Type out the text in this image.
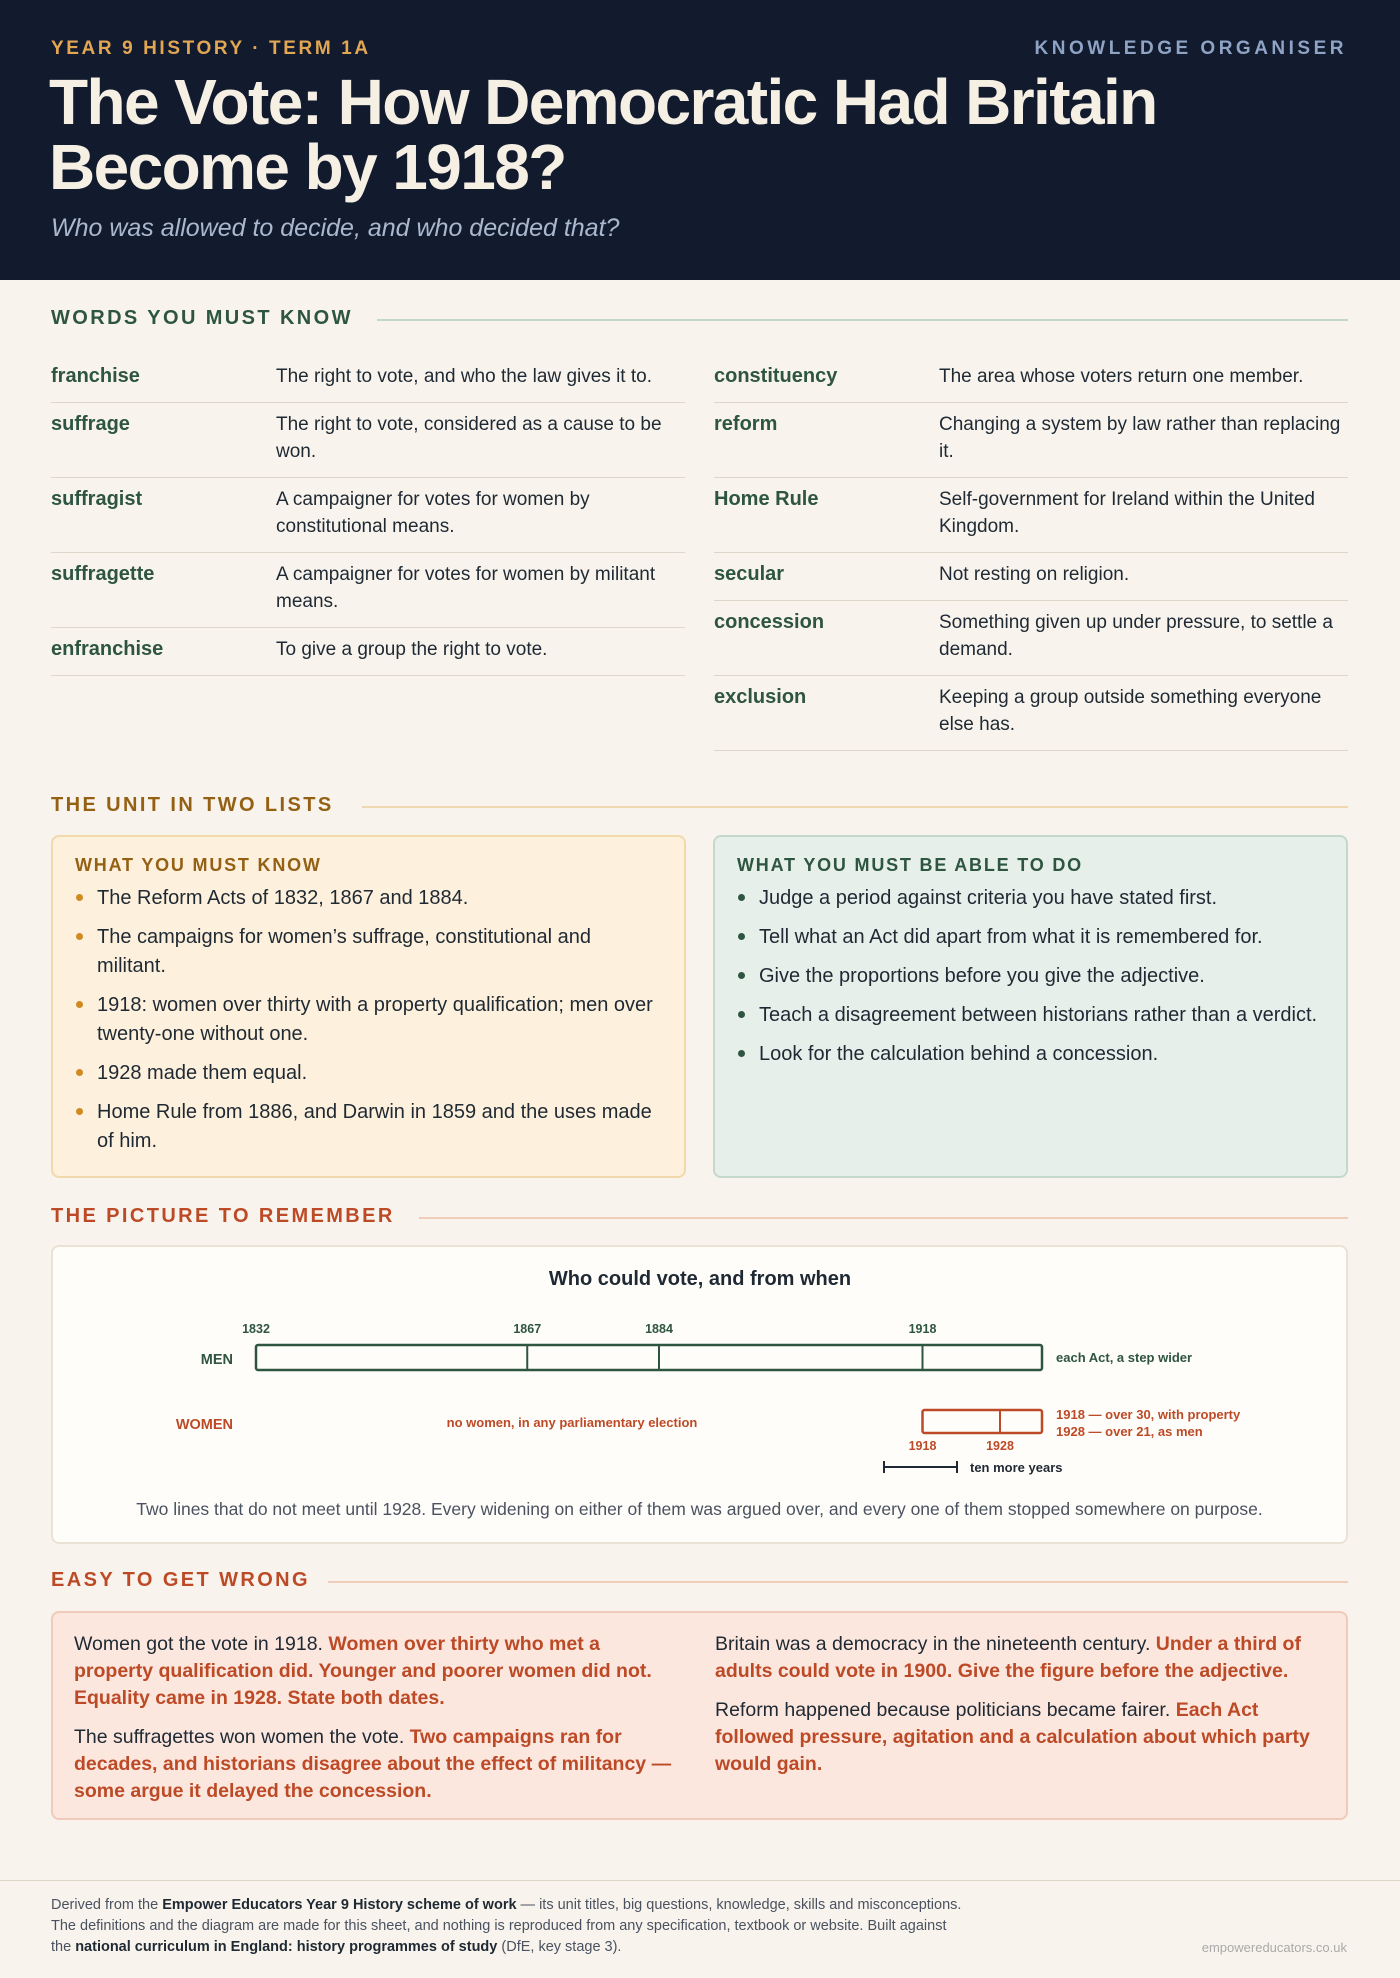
YEAR 9 HISTORY · TERM 1A	KNOWLEDGE ORGANISER
The Vote: How Democratic Had Britain Become by 1918?
Who was allowed to decide, and who decided that?
WORDS YOU MUST KNOW
franchise	The right to vote, and who the law gives it to.
suffrage	The right to vote, considered as a cause to be won.
suffragist	A campaigner for votes for women by constitutional means.
suffragette	A campaigner for votes for women by militant means.
enfranchise	To give a group the right to vote.
constituency	The area whose voters return one member.
reform	Changing a system by law rather than replacing it.
Home Rule	Self-government for Ireland within the United Kingdom.
secular	Not resting on religion.
concession	Something given up under pressure, to settle a demand.
exclusion	Keeping a group outside something everyone else has.
THE UNIT IN TWO LISTS
WHAT YOU MUST KNOW
The Reform Acts of 1832, 1867 and 1884.
The campaigns for women’s suffrage, constitutional and militant.
1918: women over thirty with a property qualification; men over twenty-one without one.
1928 made them equal.
Home Rule from 1886, and Darwin in 1859 and the uses made of him.
WHAT YOU MUST BE ABLE TO DO
Judge a period against criteria you have stated first.
Tell what an Act did apart from what it is remembered for.
Give the proportions before you give the adjective.
Teach a disagreement between historians rather than a verdict.
Look for the calculation behind a concession.
THE PICTURE TO REMEMBER
Who could vote, and from when
MEN
WOMEN
1832	1867	1884	1918
each Act, a step wider
no women, in any parliamentary election
1918	1928
1918 — over 30, with property
1928 — over 21, as men
ten more years
Two lines that do not meet until 1928. Every widening on either of them was argued over, and every one of them stopped somewhere on purpose.
EASY TO GET WRONG

Women got the vote in 1918. Women over thirty who met a property qualification did. Younger and poorer women did not. Equality came in 1928. State both dates.

The suffragettes won women the vote. Two campaigns ran for decades, and historians disagree about the effect of militancy — some argue it delayed the concession.

Britain was a democracy in the nineteenth century. Under a third of adults could vote in 1900. Give the figure before the adjective.

Reform happened because politicians became fairer. Each Act followed pressure, agitation and a calculation about which party would gain.

Derived from the Empower Educators Year 9 History scheme of work — its unit titles, big questions, knowledge, skills and misconceptions.
The definitions and the diagram are made for this sheet, and nothing is reproduced from any specification, textbook or website. Built against
the national curriculum in England: history programmes of study (DfE, key stage 3).	empowereducators.co.uk
